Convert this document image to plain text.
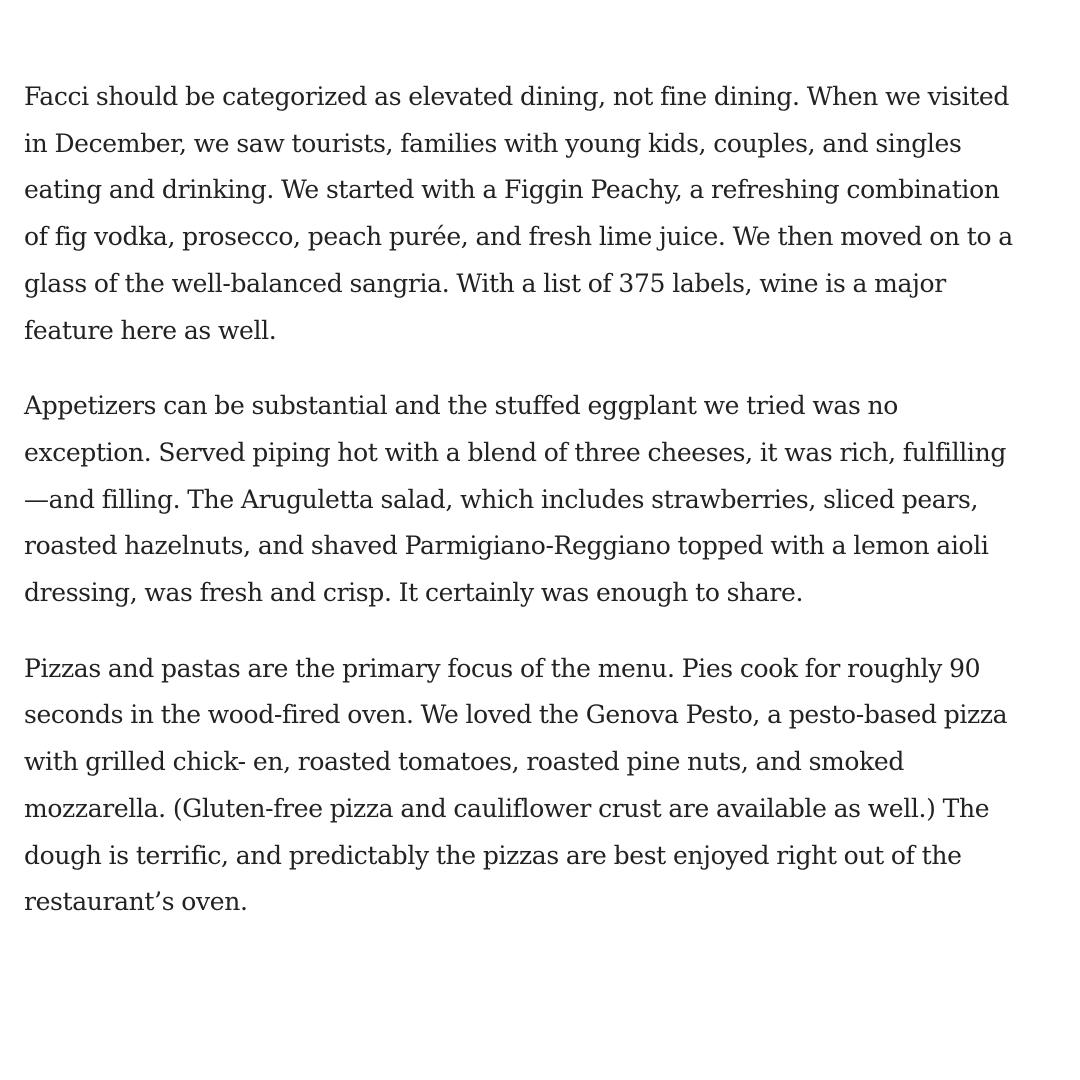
Facci should be categorized as elevated dining, not fine dining. When we visited in December, we saw tourists, families with young kids, couples, and singles eating and drinking. We started with a Figgin Peachy, a refreshing combination of fig vodka, prosecco, peach purée, and fresh lime juice. We then moved on to a glass of the well-balanced sangria. With a list of 375 labels, wine is a major feature here as well.

Appetizers can be substantial and the stuffed eggplant we tried was no exception. Served piping hot with a blend of three cheeses, it was rich, fulfilling—and filling. The Aruguletta salad, which includes strawberries, sliced pears, roasted hazelnuts, and shaved Parmigiano-Reggiano topped with a lemon aioli dressing, was fresh and crisp. It certainly was enough to share.

Pizzas and pastas are the primary focus of the menu. Pies cook for roughly 90 seconds in the wood-fired oven. We loved the Genova Pesto, a pesto-based pizza with grilled chick- en, roasted tomatoes, roasted pine nuts, and smoked mozzarella. (Gluten-free pizza and cauliflower crust are available as well.) The dough is terrific, and predictably the pizzas are best enjoyed right out of the restaurant’s oven.
